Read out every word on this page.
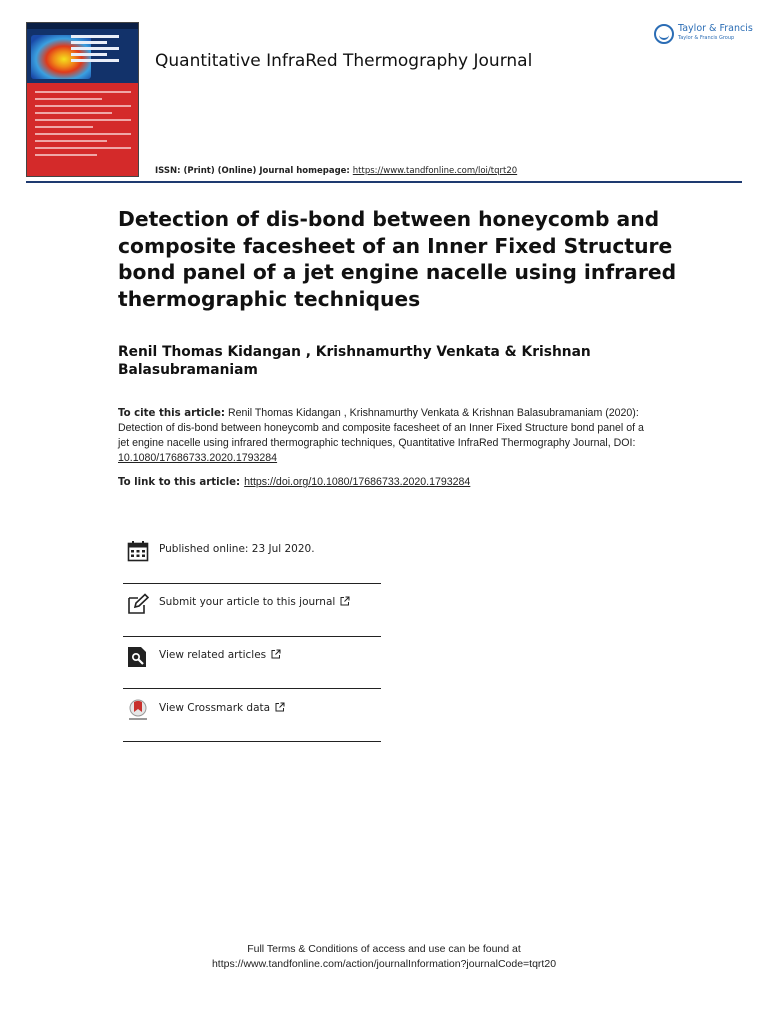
Quantitative InfraRed Thermography Journal
Taylor & Francis
Taylor & Francis Group
ISSN: (Print) (Online) Journal homepage: https://www.tandfonline.com/loi/tqrt20
Detection of dis-bond between honeycomb and composite facesheet of an Inner Fixed Structure bond panel of a jet engine nacelle using infrared thermographic techniques
Renil Thomas Kidangan , Krishnamurthy Venkata & Krishnan Balasubramaniam
To cite this article: Renil Thomas Kidangan , Krishnamurthy Venkata & Krishnan Balasubramaniam (2020): Detection of dis-bond between honeycomb and composite facesheet of an Inner Fixed Structure bond panel of a jet engine nacelle using infrared thermographic techniques, Quantitative InfraRed Thermography Journal, DOI: 10.1080/17686733.2020.1793284
To link to this article: https://doi.org/10.1080/17686733.2020.1793284
Published online: 23 Jul 2020.
Submit your article to this journal
View related articles
View Crossmark data
Full Terms & Conditions of access and use can be found at
https://www.tandfonline.com/action/journalInformation?journalCode=tqrt20
